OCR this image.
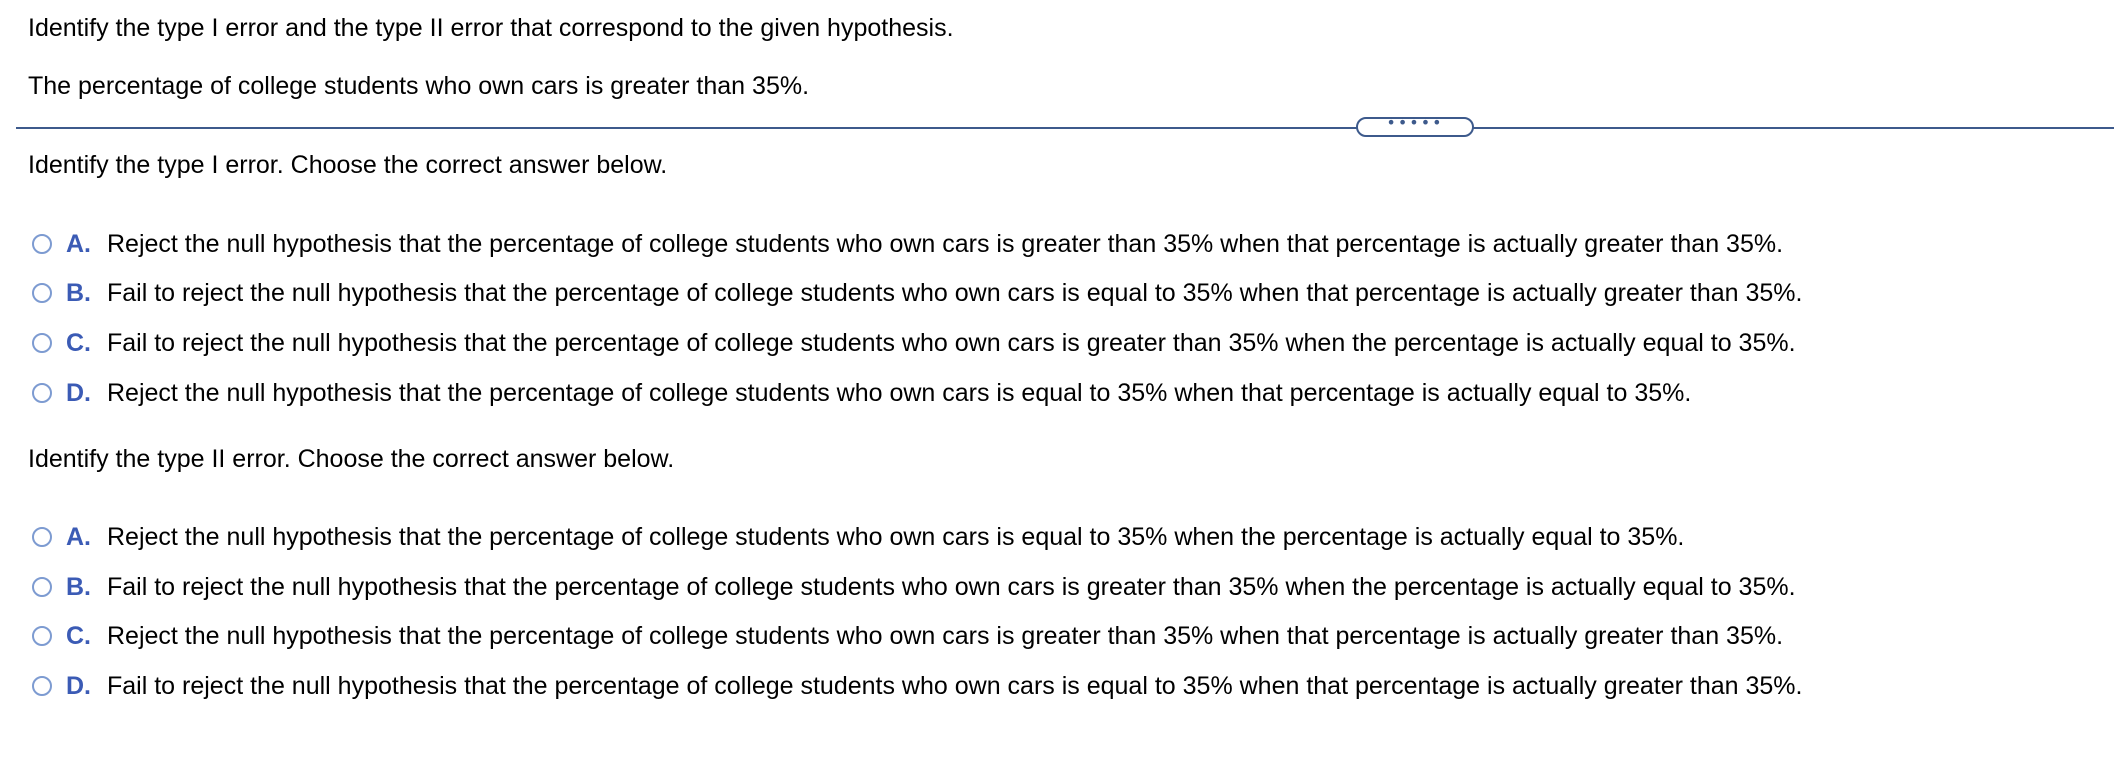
Identify the type I error and the type II error that correspond to the given hypothesis.
The percentage of college students who own cars is greater than 35%.
•••••
Identify the type I error. Choose the correct answer below.
A. Reject the null hypothesis that the percentage of college students who own cars is greater than 35% when that percentage is actually greater than 35%.
B. Fail to reject the null hypothesis that the percentage of college students who own cars is equal to 35% when that percentage is actually greater than 35%.
C. Fail to reject the null hypothesis that the percentage of college students who own cars is greater than 35% when the percentage is actually equal to 35%.
D. Reject the null hypothesis that the percentage of college students who own cars is equal to 35% when that percentage is actually equal to 35%.
Identify the type II error. Choose the correct answer below.
A. Reject the null hypothesis that the percentage of college students who own cars is equal to 35% when the percentage is actually equal to 35%.
B. Fail to reject the null hypothesis that the percentage of college students who own cars is greater than 35% when the percentage is actually equal to 35%.
C. Reject the null hypothesis that the percentage of college students who own cars is greater than 35% when that percentage is actually greater than 35%.
D. Fail to reject the null hypothesis that the percentage of college students who own cars is equal to 35% when that percentage is actually greater than 35%.
